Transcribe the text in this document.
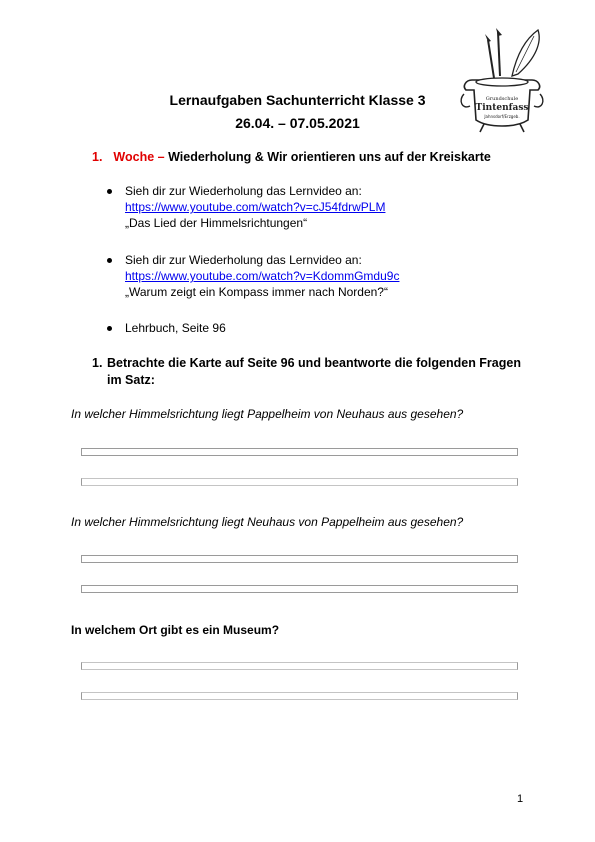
Lernaufgaben Sachunterricht Klasse 3
26.04. – 07.05.2021
Grundschule
Tintenfass
Jahnsdorf/Erzgeb.
1. Woche – Wiederholung & Wir orientieren uns auf der Kreiskarte
Sieh dir zur Wiederholung das Lernvideo an:
https://www.youtube.com/watch?v=cJ54fdrwPLM
„Das Lied der Himmelsrichtungen“
Sieh dir zur Wiederholung das Lernvideo an:
https://www.youtube.com/watch?v=KdommGmdu9c
„Warum zeigt ein Kompass immer nach Norden?“
Lehrbuch, Seite 96
1. Betrachte die Karte auf Seite 96 und beantworte die folgenden Fragen im Satz:
In welcher Himmelsrichtung liegt Pappelheim von Neuhaus aus gesehen?
In welcher Himmelsrichtung liegt Neuhaus von Pappelheim aus gesehen?
In welchem Ort gibt es ein Museum?
1
